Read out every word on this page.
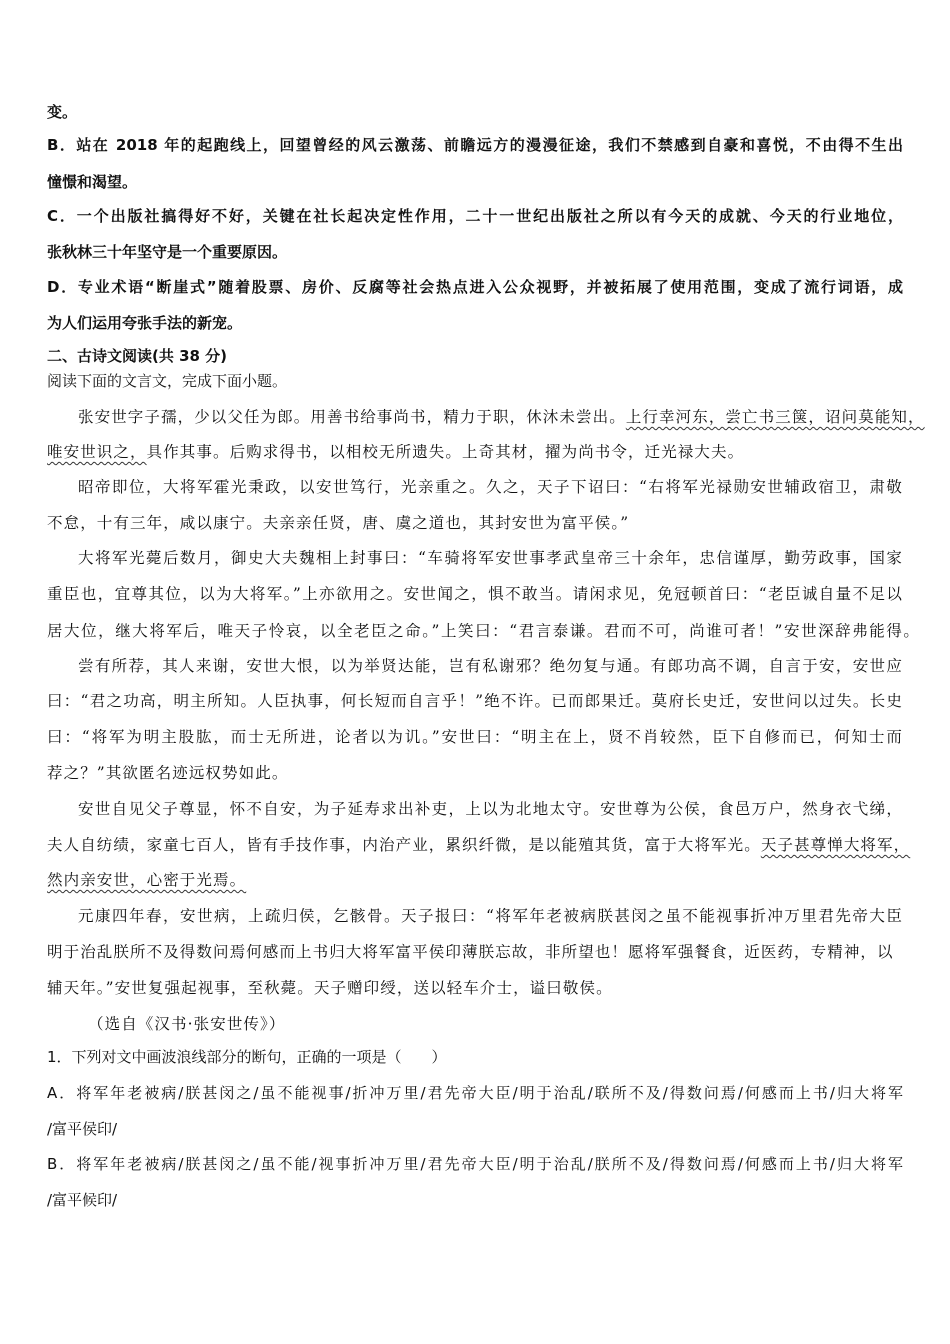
变。
B．站在 2018 年的起跑线上，回望曾经的风云激荡、前瞻远方的漫漫征途，我们不禁感到自豪和喜悦，不由得不生出
憧憬和渴望。
C．一个出版社搞得好不好，关键在社长起决定性作用，二十一世纪出版社之所以有今天的成就、今天的行业地位，
张秋林三十年坚守是一个重要原因。
D．专业术语“断崖式”随着股票、房价、反腐等社会热点进入公众视野，并被拓展了使用范围，变成了流行词语，成
为人们运用夸张手法的新宠。
二、古诗文阅读(共 38 分)
阅读下面的文言文，完成下面小题。
张安世字子孺，少以父任为郎。用善书给事尚书，精力于职，休沐未尝出。上行幸河东，尝亡书三箧，诏问莫能知，
唯安世识之，具作其事。后购求得书，以相校无所遗失。上奇其材，擢为尚书令，迁光禄大夫。
昭帝即位，大将军霍光秉政，以安世笃行，光亲重之。久之，天子下诏曰：“右将军光禄勋安世辅政宿卫，肃敬
不怠，十有三年，咸以康宁。夫亲亲任贤，唐、虞之道也，其封安世为富平侯。”
大将军光薨后数月，御史大夫魏相上封事曰：“车骑将军安世事孝武皇帝三十余年，忠信谨厚，勤劳政事，国家
重臣也，宜尊其位，以为大将军。”上亦欲用之。安世闻之，惧不敢当。请闲求见，免冠顿首曰：“老臣诚自量不足以
居大位，继大将军后，唯天子怜哀，以全老臣之命。”上笑曰：“君言泰谦。君而不可，尚谁可者！”安世深辞弗能得。
尝有所荐，其人来谢，安世大恨，以为举贤达能，岂有私谢邪？绝勿复与通。有郎功高不调，自言于安，安世应
曰：“君之功高，明主所知。人臣执事，何长短而自言乎！”绝不许。已而郎果迁。莫府长史迁，安世问以过失。长史
曰：“将军为明主股肱，而士无所进，论者以为讥。”安世曰：“明主在上，贤不肖较然，臣下自修而已，何知士而
荐之？”其欲匿名迹远权势如此。
安世自见父子尊显，怀不自安，为子延寿求出补吏，上以为北地太守。安世尊为公侯，食邑万户，然身衣弋绨，
夫人自纺绩，家童七百人，皆有手技作事，内治产业，累织纤微，是以能殖其货，富于大将军光。天子甚尊惮大将军，
然内亲安世，心密于光焉。
元康四年春，安世病，上疏归侯，乞骸骨。天子报曰：“将军年老被病朕甚闵之虽不能视事折冲万里君先帝大臣
明于治乱朕所不及得数问焉何感而上书归大将军富平侯印薄朕忘故，非所望也！愿将军强餐食，近医药，专精神，以
辅天年。”安世复强起视事，至秋薨。天子赠印绶，送以轻车介士，谥曰敬侯。
（选自《汉书·张安世传》）
1．下列对文中画波浪线部分的断句，正确的一项是（　　）
A．将军年老被病/朕甚闵之/虽不能视事/折冲万里/君先帝大臣/明于治乱/联所不及/得数问焉/何感而上书/归大将军
/富平侯印/
B．将军年老被病/朕甚闵之/虽不能/视事折冲万里/君先帝大臣/明于治乱/朕所不及/得数问焉/何感而上书/归大将军
/富平候印/
